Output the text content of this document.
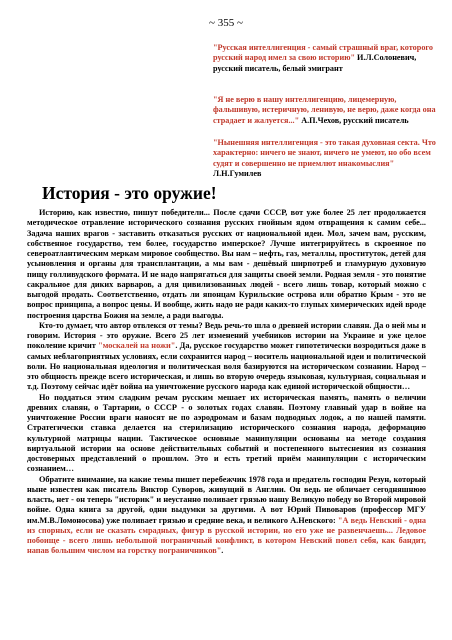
~ 355 ~
"Русская интеллигенция - самый страшный враг, которого русский народ имел за свою историю" И.Л.Солоневич, русский писатель, белый эмигрант
"Я не верю в нашу интеллигенцию, лицемерную, фальшивую, истеричную, ленивую, не верю, даже когда она страдает и жалуется..." А.П.Чехов, русский писатель
"Нынешняя интеллигенция - это такая духовная секта. Что характерно: ничего не знают, ничего не умеют, но обо всем судят и совершенно не приемлют инакомыслия" Л.Н.Гумилев
История - это оружие!

Историю, как известно, пишут победители... После сдачи СССР, вот уже более 25 лет продолжается методическое отравление исторического сознания русских гнойным ядом отвращения к самим себе... Задача наших врагов - заставить отказаться русских от национальной идеи. Мол, зачем вам, русским, собственное государство, тем более, государство имперское? Лучше интегрируйтесь в скроенное по североатлантическим меркам мировое сообщество. Вы нам – нефть, газ, металлы, проституток, детей для усыновления и органы для трансплантации, а мы вам - дешёвый ширпотреб и гламурную духовную пищу голливудского формата. И не надо напрягаться для защиты своей земли. Родная земля - это понятие сакральное для диких варваров, а для цивилизованных людей - всего лишь товар, который можно с выгодой продать. Соответственно, отдать ли японцам Курильские острова или обратно Крым - это не вопрос принципа, а вопрос цены. И вообще, жить надо не ради каких-то глупых химерических идей вроде построения царства Божия на земле, а ради выгоды.

Кто-то думает, что автор отвлекся от темы? Ведь речь-то шла о древней истории славян. Да о ней мы и говорим. История - это оружие. Всего 25 лет изменений учебников истории на Украине и уже целое поколение кричит "москалей на ножи". Да, русское государство может гипотетически возродиться даже в самых неблагоприятных условиях, если сохранится народ – носитель национальной идеи и политической воли. Но национальная идеология и политическая воля базируются на историческом сознании. Народ – это общность прежде всего историческая, и лишь во вторую очередь языковая, культурная, социальная и т.д. Поэтому сейчас идёт война на уничтожение русского народа как единой исторической общности…

Но поддаться этим сладким речам русским мешает их историческая память, память о величии древних славян, о Тартарии, о СССР - о золотых годах славян. Поэтому главный удар в войне на уничтожение России враги наносят не по аэродромам и базам подводных лодок, а по нашей памяти. Стратегически ставка делается на стерилизацию исторического сознания народа, деформацию культурной матрицы нации. Тактическое основные манипуляции основаны на методе создания виртуальной истории на основе действительных событий и постепенного вытеснения из сознания достоверных представлений о прошлом. Это и есть третий приём манипуляции с историческим сознанием…

Обратите внимание, на какие темы пишет перебежчик 1978 года и предатель господин Резун, который ныне известен как писатель Виктор Суворов, живущий в Англии. Он ведь не обличает сегодняшнюю власть, нет - он теперь "историк" и неустанно поливает грязью нашу Великую победу во Второй мировой войне. Одна книга за другой, одни выдумки за другими. А вот Юрий Пивоваров (профессор МГУ им.М.В.Ломоносова) уже поливает грязью и средние века, и великого А.Невского: "А ведь Невский - одна из спорных, если не сказать смрадных, фигур в русской истории, но его уже не развенчаешь... Ледовое побоище - всего лишь небольшой пограничный конфликт, в котором Невский повел себя, как бандит, напав большим числом на горстку пограничников".
